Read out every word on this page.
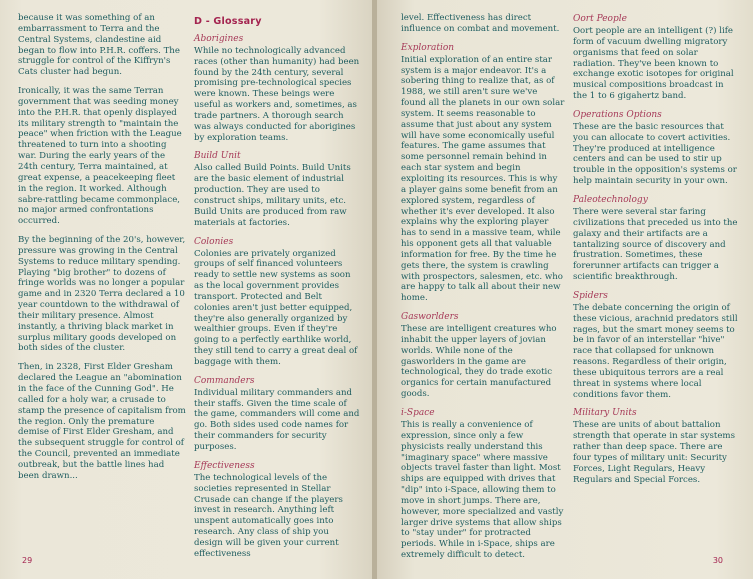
because it was something of an embarrassment to Terra and the Central Systems, clandestine aid began to flow into P.H.R. coffers. The struggle for control of the Kiffryn's Cats cluster had begun.

Ironically, it was the same Terran government that was seeding money into the P.H.R. that openly displayed its military strength to "maintain the peace" when friction with the League threatened to turn into a shooting war. During the early years of the 24th century, Terra maintained, at great expense, a peacekeeping fleet in the region. It worked. Although sabre-rattling became commonplace, no major armed confrontations occurred.

By the beginning of the 20's, however, pressure was growing in the Central Systems to reduce military spending. Playing "big brother" to dozens of fringe worlds was no longer a popular game and in 2320 Terra declared a 10 year countdown to the withdrawal of their military presence. Almost instantly, a thriving black market in surplus military goods developed on both sides of the cluster.

Then, in 2328, First Elder Gresham declared the League an "abomination in the face of the Cunning God". He called for a holy war, a crusade to stamp the presence of capitalism from the region. Only the premature demise of First Elder Gresham, and the subsequent struggle for control of the Council, prevented an immediate outbreak, but the battle lines had been drawn...

D - Glossary
Aborigines

While no technologically advanced races (other than humanity) had been found by the 24th century, several promising pre-technological species were known. These beings were useful as workers and, sometimes, as trade partners. A thorough search was always conducted for aborigines by exploration teams.

Build Unit

Also called Build Points. Build Units are the basic element of industrial production. They are used to construct ships, military units, etc. Build Units are produced from raw materials at factories.

Colonies

Colonies are privately organized groups of self financed volunteers ready to settle new systems as soon as the local government provides transport. Protected and Belt colonies aren't just better equipped, they're also generally organized by wealthier groups. Even if they're going to a perfectly earthlike world, they still tend to carry a great deal of baggage with them.

Commanders

Individual military commanders and their staffs. Given the time scale of the game, commanders will come and go. Both sides used code names for their commanders for security purposes.

Effectiveness

The technological levels of the societies represented in Stellar Crusade can change if the players invest in research. Anything left unspent automatically goes into research. Any class of ship you design will be given your current effectiveness

29

level. Effectiveness has direct influence on combat and movement.

Exploration

Initial exploration of an entire star system is a major endeavor. It's a sobering thing to realize that, as of 1988, we still aren't sure we've found all the planets in our own solar system. It seems reasonable to assume that just about any system will have some economically useful features. The game assumes that some personnel remain behind in each star system and begin exploiting its resources. This is why a player gains some benefit from an explored system, regardless of whether it's ever developed. It also explains why the exploring player has to send in a massive team, while his opponent gets all that valuable information for free. By the time he gets there, the system is crawling with prospectors, salesmen, etc. who are happy to talk all about their new home.

Gasworlders

These are intelligent creatures who inhabit the upper layers of jovian worlds. While none of the gasworlders in the game are technological, they do trade exotic organics for certain manufactured goods.

i-Space

This is really a convenience of expression, since only a few physicists really understand this "imaginary space" where massive objects travel faster than light. Most ships are equipped with drives that "dip" into i-Space, allowing them to move in short jumps. There are, however, more specialized and vastly larger drive systems that allow ships to "stay under" for protracted periods. While in i-Space, ships are extremely difficult to detect.

Oort People

Oort people are an intelligent (?) life form of vacuum dwelling migratory organisms that feed on solar radiation. They've been known to exchange exotic isotopes for original musical compositions broadcast in the 1 to 6 gigahertz band.

Operations Options

These are the basic resources that you can allocate to covert activities. They're produced at intelligence centers and can be used to stir up trouble in the opposition's systems or help maintain security in your own.

Paleotechnology

There were several star faring civilizations that preceded us into the galaxy and their artifacts are a tantalizing source of discovery and frustration. Sometimes, these forerunner artifacts can trigger a scientific breakthrough.

Spiders

The debate concerning the origin of these vicious, arachnid predators still rages, but the smart money seems to be in favor of an interstellar "hive" race that collapsed for unknown reasons. Regardless of their origin, these ubiquitous terrors are a real threat in systems where local conditions favor them.

Military Units

These are units of about battalion strength that operate in star systems rather than deep space. There are four types of military unit: Security Forces, Light Regulars, Heavy Regulars and Special Forces.

30
